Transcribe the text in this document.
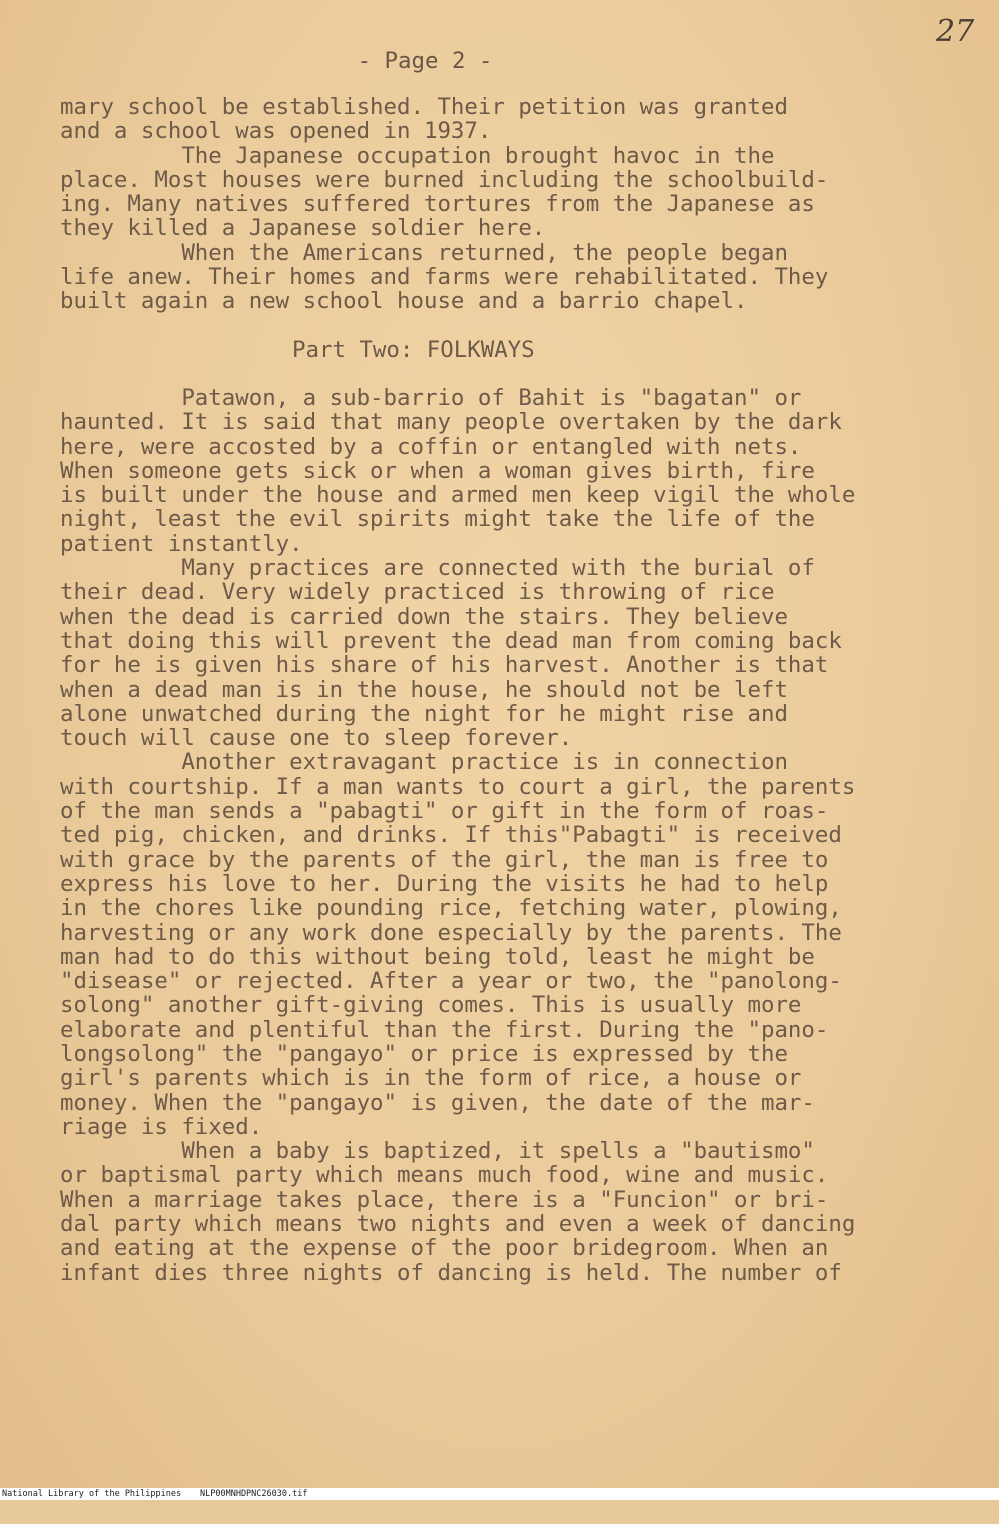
27
- Page 2 -
mary school be established. Their petition was granted
and a school was opened in 1937.
The Japanese occupation brought havoc in the
place. Most houses were burned including the schoolbuild-
ing. Many natives suffered tortures from the Japanese as
they killed a Japanese soldier here.
When the Americans returned, the people began
life anew. Their homes and farms were rehabilitated. They
built again a new school house and a barrio chapel.
Part Two: FOLKWAYS
Patawon, a sub-barrio of Bahit is "bagatan" or
haunted. It is said that many people overtaken by the dark
here, were accosted by a coffin or entangled with nets.
When someone gets sick or when a woman gives birth, fire
is built under the house and armed men keep vigil the whole
night, least the evil spirits might take the life of the
patient instantly.
Many practices are connected with the burial of
their dead. Very widely practiced is throwing of rice
when the dead is carried down the stairs. They believe
that doing this will prevent the dead man from coming back
for he is given his share of his harvest. Another is that
when a dead man is in the house, he should not be left
alone unwatched during the night for he might rise and
touch will cause one to sleep forever.
Another extravagant practice is in connection
with courtship. If a man wants to court a girl, the parents
of the man sends a "pabagti" or gift in the form of roas-
ted pig, chicken, and drinks. If this"Pabagti" is received
with grace by the parents of the girl, the man is free to
express his love to her. During the visits he had to help
in the chores like pounding rice, fetching water, plowing,
harvesting or any work done especially by the parents. The
man had to do this without being told, least he might be
"disease" or rejected. After a year or two, the "panolong-
solong" another gift-giving comes. This is usually more
elaborate and plentiful than the first. During the "pano-
longsolong" the "pangayo" or price is expressed by the
girl's parents which is in the form of rice, a house or
money. When the "pangayo" is given, the date of the mar-
riage is fixed.
When a baby is baptized, it spells a "bautismo"
or baptismal party which means much food, wine and music.
When a marriage takes place, there is a "Funcion" or bri-
dal party which means two nights and even a week of dancing
and eating at the expense of the poor bridegroom. When an
infant dies three nights of dancing is held. The number of

National Library of the Philippines

NLP00MNHDPNC26030.tif
